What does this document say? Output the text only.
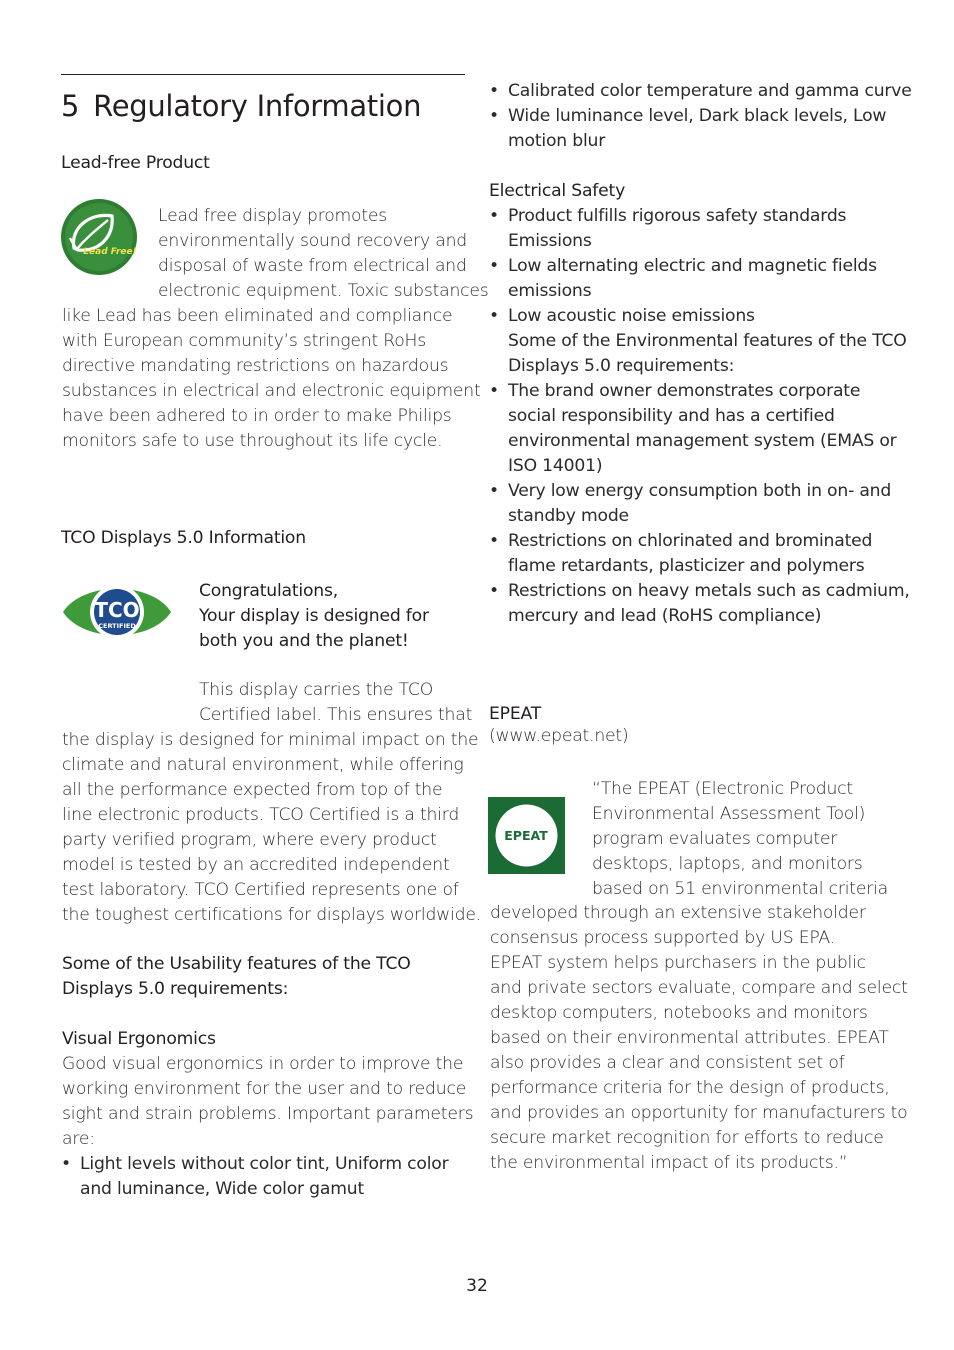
5 Regulatory Information
Lead-free Product
Lead Free!
Lead free display promotes
environmentally sound recovery and
disposal of waste from electrical and
electronic equipment. Toxic substances
like Lead has been eliminated and compliance
with European community’s stringent RoHs
directive mandating restrictions on hazardous
substances in electrical and electronic equipment
have been adhered to in order to make Philips
monitors safe to use throughout its life cycle.
TCO Displays 5.0 Information
TCO
CERTIFIED
Congratulations,
Your display is designed for
both you and the planet!
This display carries the TCO
Certified label. This ensures that
the display is designed for minimal impact on the
climate and natural environment, while offering
all the performance expected from top of the
line electronic products. TCO Certified is a third
party verified program, where every product
model is tested by an accredited independent
test laboratory. TCO Certified represents one of
the toughest certifications for displays worldwide.
Some of the Usability features of the TCO
Displays 5.0 requirements:
Visual Ergonomics
Good visual ergonomics in order to improve the
working environment for the user and to reduce
sight and strain problems. Important parameters
are:
• Light levels without color tint, Uniform color
and luminance, Wide color gamut
• Calibrated color temperature and gamma curve
• Wide luminance level, Dark black levels, Low
motion blur
Electrical Safety
• Product fulfills rigorous safety standards
Emissions
• Low alternating electric and magnetic fields
emissions
• Low acoustic noise emissions
Some of the Environmental features of the TCO
Displays 5.0 requirements:
• The brand owner demonstrates corporate
social responsibility and has a certified
environmental management system (EMAS or
ISO 14001)
• Very low energy consumption both in on- and
standby mode
• Restrictions on chlorinated and brominated
flame retardants, plasticizer and polymers
• Restrictions on heavy metals such as cadmium,
mercury and lead (RoHS compliance)
EPEAT
(www.epeat.net)
EPEAT
“The EPEAT (Electronic Product
Environmental Assessment Tool)
program evaluates computer
desktops, laptops, and monitors
based on 51 environmental criteria
developed through an extensive stakeholder
consensus process supported by US EPA.
EPEAT system helps purchasers in the public
and private sectors evaluate, compare and select
desktop computers, notebooks and monitors
based on their environmental attributes. EPEAT
also provides a clear and consistent set of
performance criteria for the design of products,
and provides an opportunity for manufacturers to
secure market recognition for efforts to reduce
the environmental impact of its products.”
32
